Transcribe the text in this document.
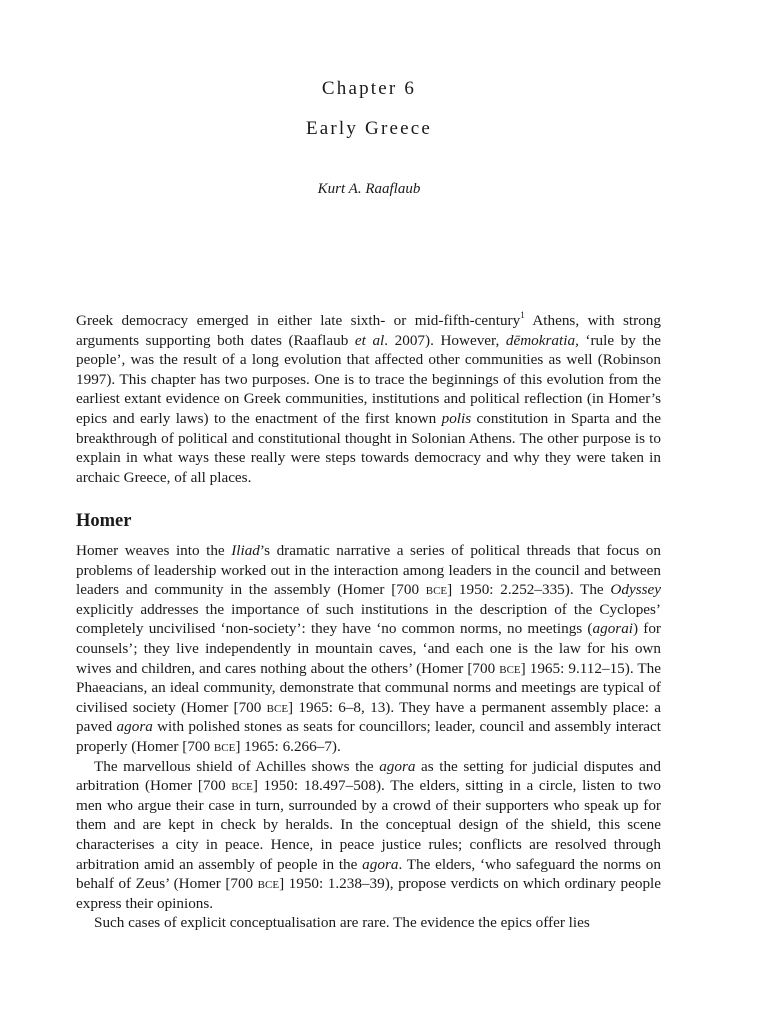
Chapter 6
Early Greece
Kurt A. Raaflaub

Greek democracy emerged in either late sixth- or mid-fifth-century$^1$ Athens, with strong arguments supporting both dates (Raaflaub et al. 2007). However, dēmokratia, ‘rule by the people’, was the result of a long evolution that affected other communities as well (Robinson 1997). This chapter has two purposes. One is to trace the beginnings of this evolution from the earliest extant evidence on Greek communities, institutions and political reflection (in Homer’s epics and early laws) to the enactment of the first known polis constitution in Sparta and the breakthrough of political and constitutional thought in Solonian Athens. The other purpose is to explain in what ways these really were steps towards democracy and why they were taken in archaic Greece, of all places.

Homer

Homer weaves into the Iliad’s dramatic narrative a series of political threads that focus on problems of leadership worked out in the interaction among leaders in the council and between leaders and community in the assembly (Homer [700 bce] 1950: 2.252–335). The Odyssey explicitly addresses the importance of such institutions in the description of the Cyclopes’ completely uncivilised ‘non-society’: they have ‘no common norms, no meetings (agorai) for counsels’; they live independently in mountain caves, ‘and each one is the law for his own wives and children, and cares nothing about the others’ (Homer [700 bce] 1965: 9.112–15). The Phaeacians, an ideal community, demonstrate that communal norms and meetings are typical of civilised society (Homer [700 bce] 1965: 6–8, 13). They have a permanent assembly place: a paved agora with polished stones as seats for councillors; leader, council and assembly interact properly (Homer [700 bce] 1965: 6.266–7).

The marvellous shield of Achilles shows the agora as the setting for judicial disputes and arbitration (Homer [700 bce] 1950: 18.497–508). The elders, sitting in a circle, listen to two men who argue their case in turn, surrounded by a crowd of their supporters who speak up for them and are kept in check by heralds. In the conceptual design of the shield, this scene characterises a city in peace. Hence, in peace justice rules; conflicts are resolved through arbitration amid an assembly of people in the agora. The elders, ‘who safeguard the norms on behalf of Zeus’ (Homer [700 bce] 1950: 1.238–39), propose verdicts on which ordinary people express their opinions.

Such cases of explicit conceptualisation are rare. The evidence the epics offer lies
